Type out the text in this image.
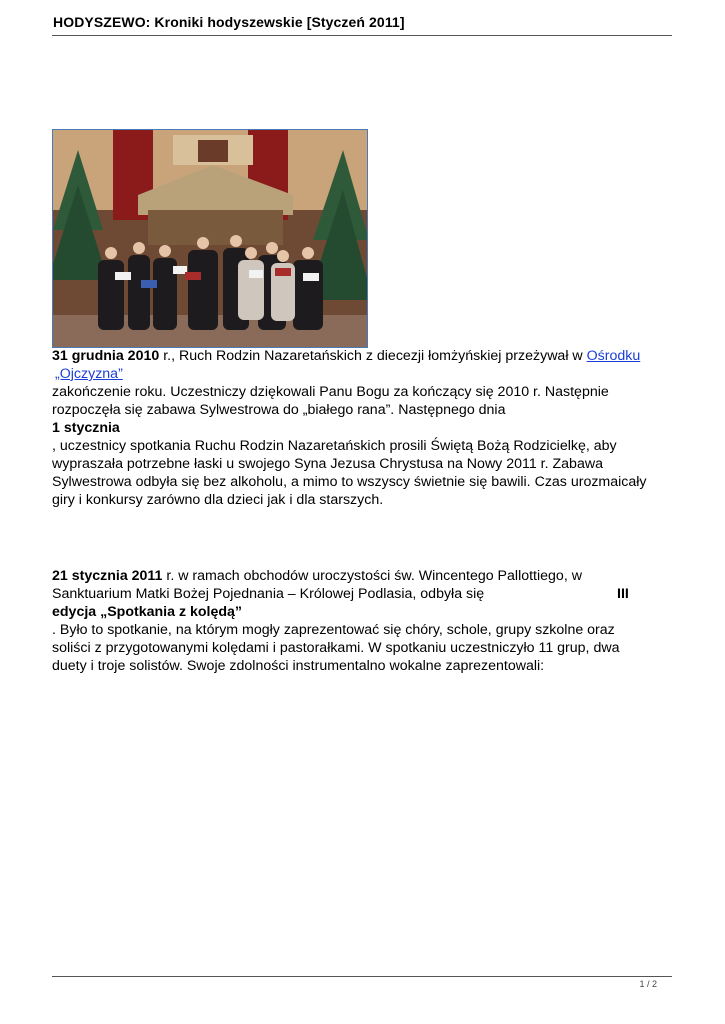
HODYSZEWO: Kroniki hodyszewskie [Styczeń 2011]
31 grudnia 2010 r., Ruch Rodzin Nazaretańskich z diecezji łomżyńskiej przeżywał w Ośrodku
„Ojczyzna”
zakończenie roku. Uczestniczy dziękowali Panu Bogu za kończący się 2010 r. Następnie
rozpoczęła się zabawa Sylwestrowa do „białego rana”. Następnego dnia
1 stycznia
, uczestnicy spotkania Ruchu Rodzin Nazaretańskich prosili Świętą Bożą Rodzicielkę, aby
wypraszała potrzebne łaski u swojego Syna Jezusa Chrystusa na Nowy 2011 r. Zabawa
Sylwestrowa odbyła się bez alkoholu, a mimo to wszyscy świetnie się bawili. Czas urozmaicały
giry i konkursy zarówno dla dzieci jak i dla starszych.
21 stycznia 2011 r. w ramach obchodów uroczystości św. Wincentego Pallottiego, w
Sanktuarium Matki Bożej Pojednania – Królowej Podlasia, odbyła się	III
edycja „Spotkania z kolędą”
. Było to spotkanie, na którym mogły zaprezentować się chóry, schole, grupy szkolne oraz
soliści z przygotowanymi kolędami i pastorałkami. W spotkaniu uczestniczyło 11 grup, dwa
duety i troje solistów. Swoje zdolności instrumentalno wokalne zaprezentowali:
1 / 2
